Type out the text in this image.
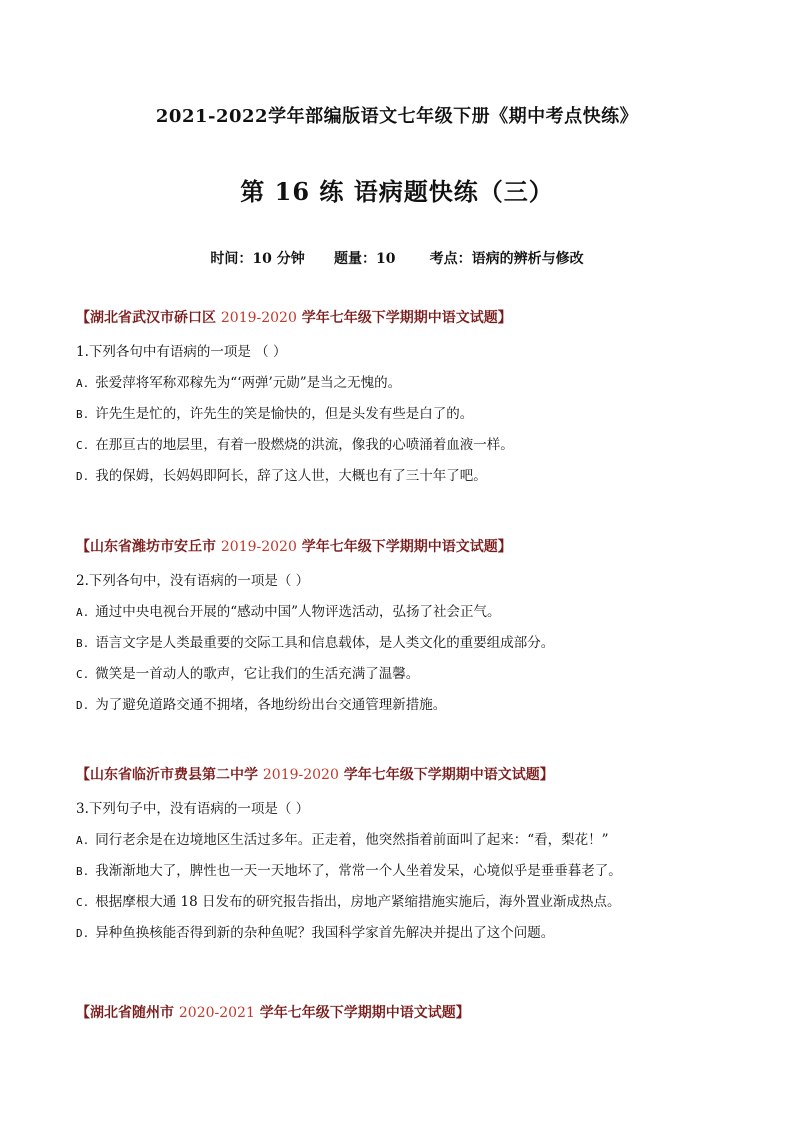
2021-2022学年部编版语文七年级下册《期中考点快练》
第 16 练 语病题快练（三）
时间：10 分钟      题量：10       考点：语病的辨析与修改
【湖北省武汉市硚口区 2019-2020 学年七年级下学期期中语文试题】
1.下列各句中有语病的一项是 （ ）
A. 张爱萍将军称邓稼先为“‘两弹’元勋”是当之无愧的。
B. 许先生是忙的，许先生的笑是愉快的，但是头发有些是白了的。
C. 在那亘古的地层里，有着一股燃烧的洪流，像我的心喷涌着血液一样。
D. 我的保姆，长妈妈即阿长，辞了这人世，大概也有了三十年了吧。
【山东省潍坊市安丘市 2019-2020 学年七年级下学期期中语文试题】
2.下列各句中，没有语病的一项是（ ）
A. 通过中央电视台开展的“感动中国”人物评选活动，弘扬了社会正气。
B. 语言文字是人类最重要的交际工具和信息载体，是人类文化的重要组成部分。
C. 微笑是一首动人的歌声，它让我们的生活充满了温馨。
D. 为了避免道路交通不拥堵，各地纷纷出台交通管理新措施。
【山东省临沂市费县第二中学 2019-2020 学年七年级下学期期中语文试题】
3.下列句子中，没有语病的一项是（ ）
A. 同行老余是在边境地区生活过多年。正走着，他突然指着前面叫了起来：“看，梨花！”
B. 我渐渐地大了，脾性也一天一天地坏了，常常一个人坐着发呆，心境似乎是垂垂暮老了。
C. 根据摩根大通 18 日发布的研究报告指出，房地产紧缩措施实施后，海外置业渐成热点。
D. 异种鱼换核能否得到新的杂种鱼呢？我国科学家首先解决并提出了这个问题。
【湖北省随州市 2020-2021 学年七年级下学期期中语文试题】
